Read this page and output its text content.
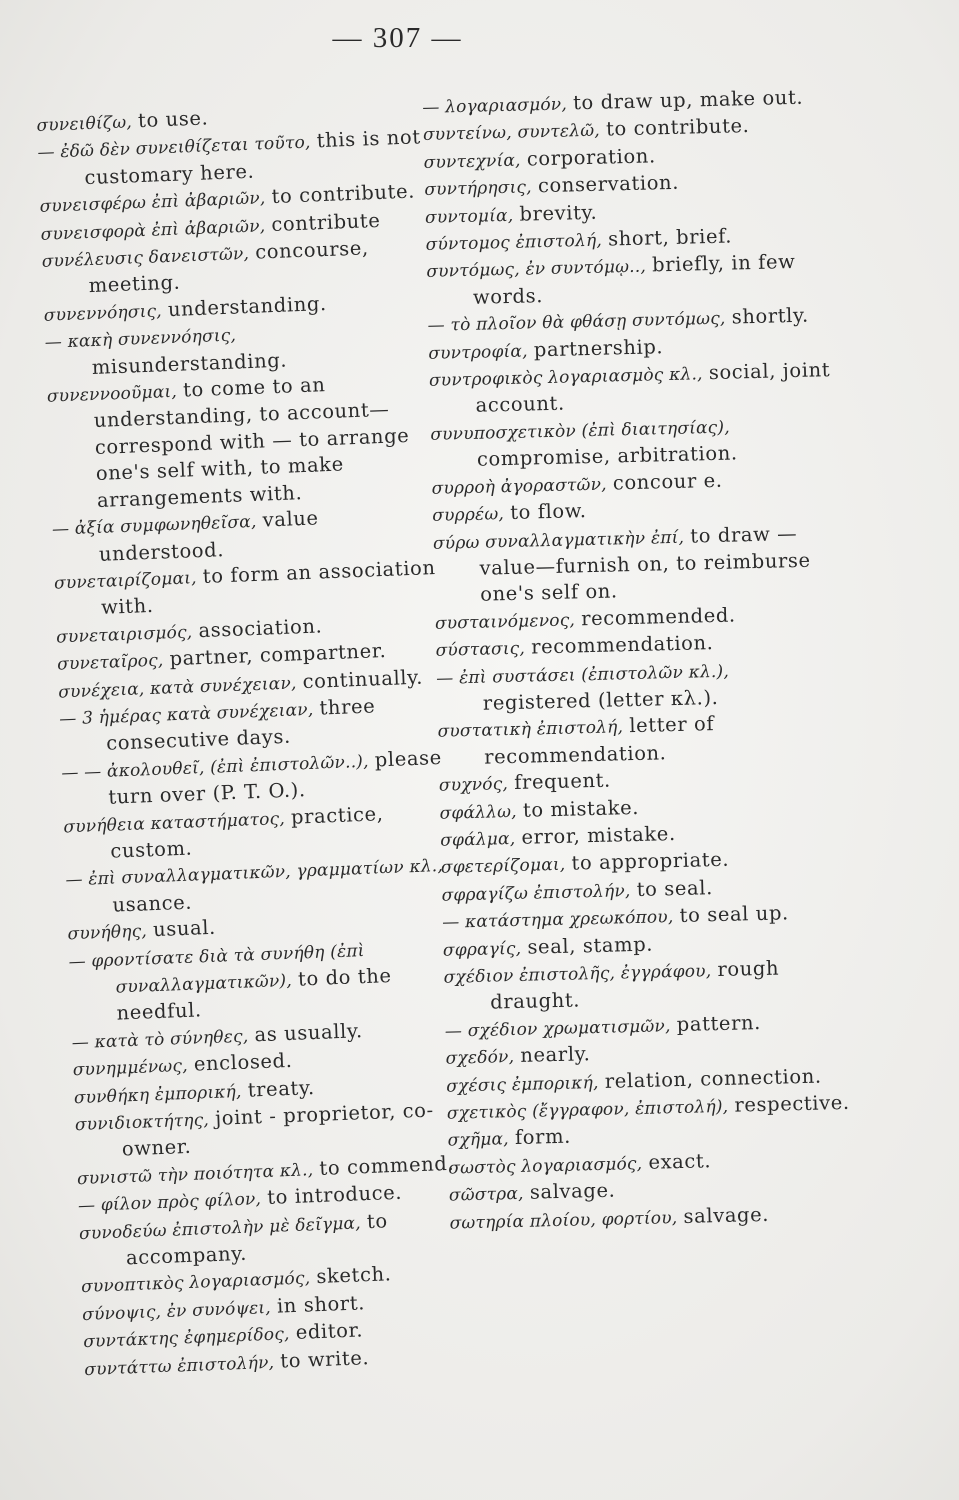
— 307 —

συνειθίζω, to use.

— ἐδῶ δὲν συνειθίζεται τοῦτο, this is not customary here.

συνεισφέρω ἐπὶ ἀβαριῶν, to contribute.

συνεισφορὰ ἐπὶ ἀβαριῶν, contribute

συνέλευσις δανειστῶν, concourse, meeting.

συνεννόησις, understanding.

— κακὴ συνεννόησις, misunderstanding.

συνεννοοῦμαι, to come to an understanding, to account—correspond with — to arrange one's self with, to make arrangements with.

— ἀξία συμφωνηθεῖσα, value understood.

συνεταιρίζομαι, to form an association with.

συνεταιρισμός, association.

συνεταῖρος, partner, compartner.

συνέχεια, κατὰ συνέχειαν, continually.

— 3 ἡμέρας κατὰ συνέχειαν, three consecutive days.

— — ἀκολουθεῖ, (ἐπὶ ἐπιστολῶν..), please turn over (P. T. O.).

συνήθεια καταστήματος, practice, custom.

— ἐπὶ συναλλαγματικῶν, γραμματίων κλ., usance.

συνήθης, usual.

— φροντίσατε διὰ τὰ συνήθη (ἐπὶ συναλλαγματικῶν), to do the needful.

— κατὰ τὸ σύνηθες, as usually.

συνημμένως, enclosed.

συνθήκη ἐμπορική, treaty.

συνιδιοκτήτης, joint - proprietor, co-owner.

συνιστῶ τὴν ποιότητα κλ., to commend.

— φίλον πρὸς φίλον, to introduce.

συνοδεύω ἐπιστολὴν μὲ δεῖγμα, to accompany.

συνοπτικὸς λογαριασμός, sketch.

σύνοψις, ἐν συνόψει, in short.

συντάκτης ἐφημερίδος, editor.

συντάττω ἐπιστολήν, to write.

— λογαριασμόν, to draw up, make out.

συντείνω, συντελῶ, to contribute.

συντεχνία, corporation.

συντήρησις, conservation.

συντομία, brevity.

σύντομος ἐπιστολή, short, brief.

συντόμως, ἐν συντόμῳ.., briefly, in few words.

— τὸ πλοῖον θὰ φθάσῃ συντόμως, shortly.

συντροφία, partnership.

συντροφικὸς λογαριασμὸς κλ., social, joint account.

συνυποσχετικὸν (ἐπὶ διαιτησίας), compromise, arbitration.

συρροὴ ἀγοραστῶν, concour e.

συρρέω, to flow.

σύρω συναλλαγματικὴν ἐπί, to draw —value—furnish on, to reimburse one's self on.

συσταινόμενος, recommended.

σύστασις, recommendation.

— ἐπὶ συστάσει (ἐπιστολῶν κλ.), registered (letter κλ.).

συστατικὴ ἐπιστολή, letter of recommendation.

συχνός, frequent.

σφάλλω, to mistake.

σφάλμα, error, mistake.

σφετερίζομαι, to appropriate.

σφραγίζω ἐπιστολήν, to seal.

— κατάστημα χρεωκόπου, to seal up.

σφραγίς, seal, stamp.

σχέδιον ἐπιστολῆς, ἐγγράφου, rough draught.

— σχέδιον χρωματισμῶν, pattern.

σχεδόν, nearly.

σχέσις ἐμπορική, relation, connection.

σχετικὸς (ἔγγραφον, ἐπιστολή), respective.

σχῆμα, form.

σωστὸς λογαριασμός, exact.

σῶστρα, salvage.

σωτηρία πλοίου, φορτίου, salvage.
